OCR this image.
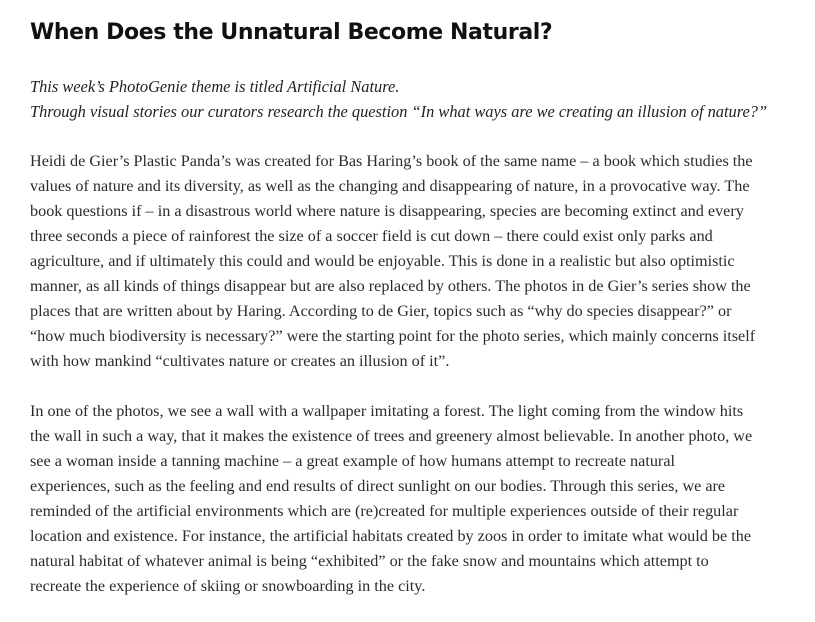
When Does the Unnatural Become Natural?

This week’s PhotoGenie theme is titled Artificial Nature.
Through visual stories our curators research the question “In what ways are we creating an illusion of nature?”

Heidi de Gier’s Plastic Panda’s was created for Bas Haring’s book of the same name – a book which studies the
values of nature and its diversity, as well as the changing and disappearing of nature, in a provocative way. The
book questions if – in a disastrous world where nature is disappearing, species are becoming extinct and every
three seconds a piece of rainforest the size of a soccer field is cut down – there could exist only parks and
agriculture, and if ultimately this could and would be enjoyable. This is done in a realistic but also optimistic
manner, as all kinds of things disappear but are also replaced by others. The photos in de Gier’s series show the
places that are written about by Haring. According to de Gier, topics such as “why do species disappear?” or
“how much biodiversity is necessary?” were the starting point for the photo series, which mainly concerns itself
with how mankind “cultivates nature or creates an illusion of it”.

In one of the photos, we see a wall with a wallpaper imitating a forest. The light coming from the window hits
the wall in such a way, that it makes the existence of trees and greenery almost believable. In another photo, we
see a woman inside a tanning machine – a great example of how humans attempt to recreate natural
experiences, such as the feeling and end results of direct sunlight on our bodies. Through this series, we are
reminded of the artificial environments which are (re)created for multiple experiences outside of their regular
location and existence. For instance, the artificial habitats created by zoos in order to imitate what would be the
natural habitat of whatever animal is being “exhibited” or the fake snow and mountains which attempt to
recreate the experience of skiing or snowboarding in the city.
